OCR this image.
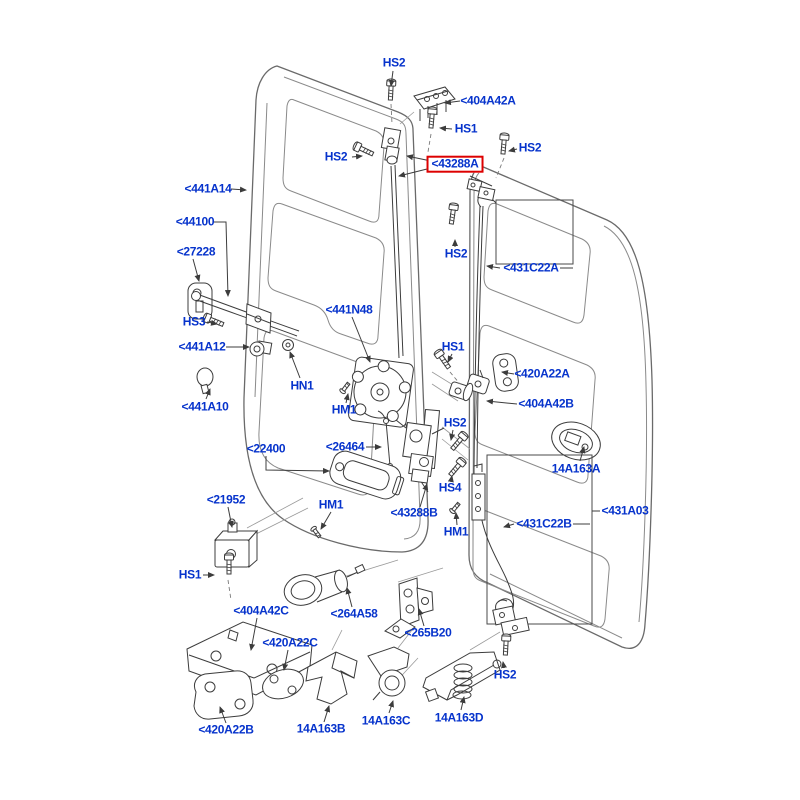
HS2
<404A42A
HS1
HS2	<43288A
HS2
<441A14
<44100
<27228
HS3
<441A12
<441A10
<441N48
HN1
HM1
<22400	<26464
HS2
<431C22A
HS1
<420A22A
<404A42B
14A163A
<431A03
<431C22B
HS2
HS4
HM1
<43288B
HM1
<21952
HS1
<404A42C	<264A58
<420A22C
<265B20
HS2
<420A22B	14A163B
14A163C 14A163D
